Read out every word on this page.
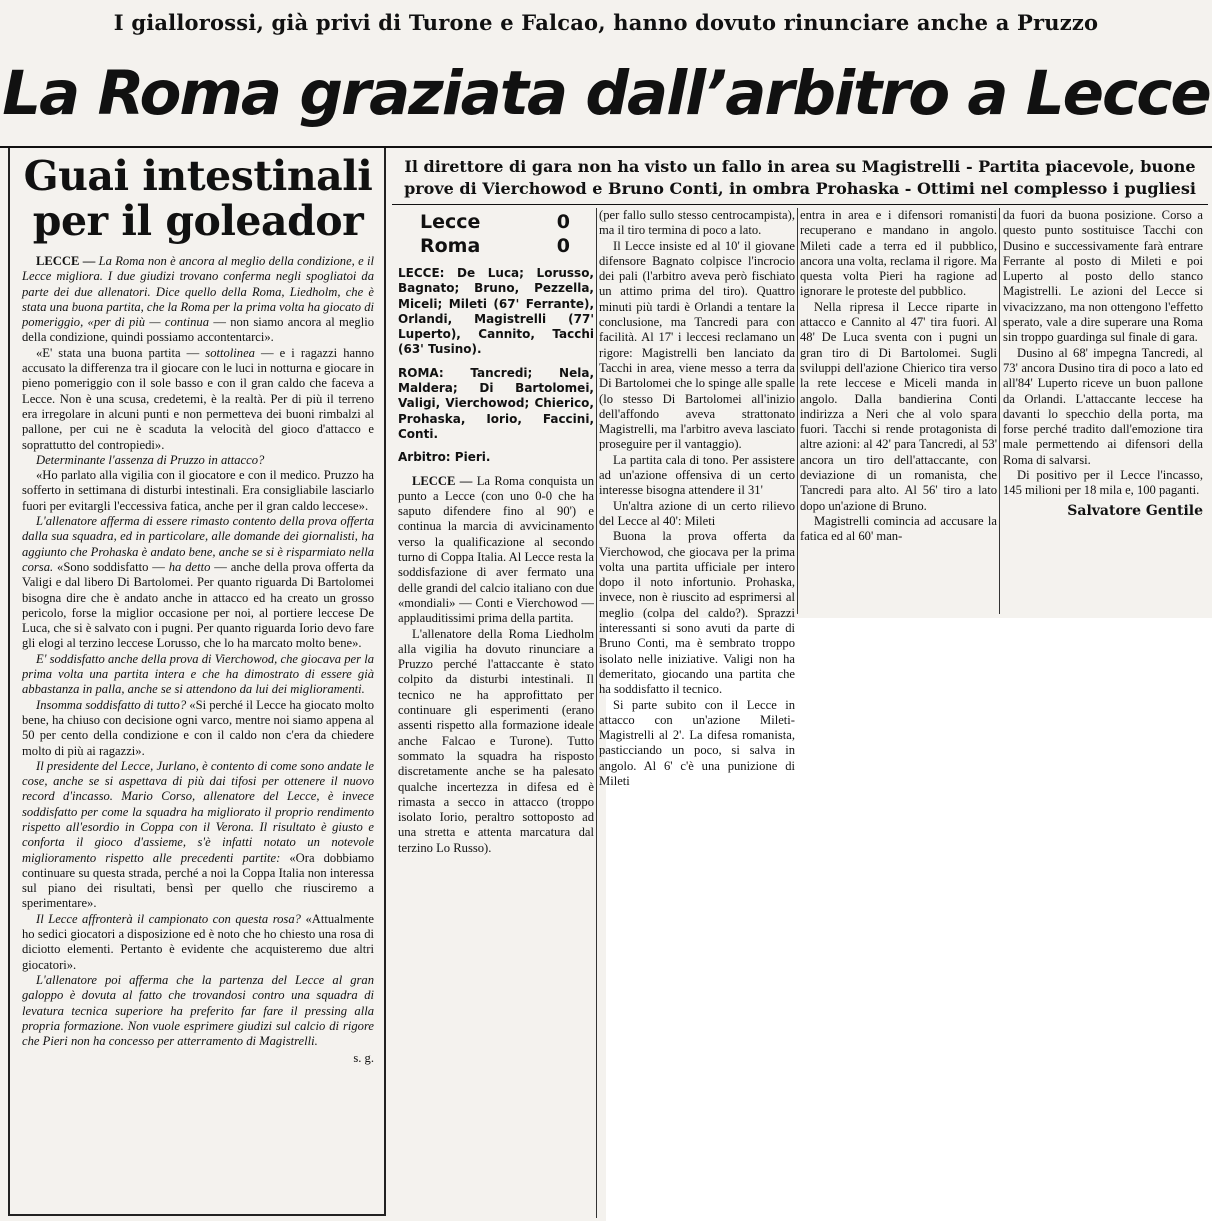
I giallorossi, già privi di Turone e Falcao, hanno dovuto rinunciare anche a Pruzzo
La Roma graziata dall’arbitro a Lecce
Guai intestinali per il goleador

LECCE — La Roma non è ancora al meglio della condizione, e il Lecce migliora. I due giudizi trovano conferma negli spogliatoi da parte dei due allenatori. Dice quello della Roma, Liedholm, che è stata una buona partita, che la Roma per la prima volta ha giocato di pomeriggio, «per di più — continua — non siamo ancora al meglio della condizione, quindi possiamo accontentarci».

«E' stata una buona partita — sottolinea — e i ragazzi hanno accusato la differenza tra il giocare con le luci in notturna e giocare in pieno pomeriggio con il sole basso e con il gran caldo che faceva a Lecce. Non è una scusa, credetemi, è la realtà. Per di più il terreno era irregolare in alcuni punti e non permetteva dei buoni rimbalzi al pallone, per cui ne è scaduta la velocità del gioco d'attacco e soprattutto del contropiedi».

Determinante l'assenza di Pruzzo in attacco?

«Ho parlato alla vigilia con il giocatore e con il medico. Pruzzo ha sofferto in settimana di disturbi intestinali. Era consigliabile lasciarlo fuori per evitargli l'eccessiva fatica, anche per il gran caldo leccese».

L'allenatore afferma di essere rimasto contento della prova offerta dalla sua squadra, ed in particolare, alle domande dei giornalisti, ha aggiunto che Prohaska è andato bene, anche se si è risparmiato nella corsa. «Sono soddisfatto — ha detto — anche della prova offerta da Valigi e dal libero Di Bartolomei. Per quanto riguarda Di Bartolomei bisogna dire che è andato anche in attacco ed ha creato un grosso pericolo, forse la miglior occasione per noi, al portiere leccese De Luca, che si è salvato con i pugni. Per quanto riguarda Iorio devo fare gli elogi al terzino leccese Lorusso, che lo ha marcato molto bene».

E' soddisfatto anche della prova di Vierchowod, che giocava per la prima volta una partita intera e che ha dimostrato di essere già abbastanza in palla, anche se si attendono da lui dei miglioramenti.

Insomma soddisfatto di tutto? «Si perché il Lecce ha giocato molto bene, ha chiuso con decisione ogni varco, mentre noi siamo appena al 50 per cento della condizione e con il caldo non c'era da chiedere molto di più ai ragazzi».

Il presidente del Lecce, Jurlano, è contento di come sono andate le cose, anche se si aspettava di più dai tifosi per ottenere il nuovo record d'incasso. Mario Corso, allenatore del Lecce, è invece soddisfatto per come la squadra ha migliorato il proprio rendimento rispetto all'esordio in Coppa con il Verona. Il risultato è giusto e conforta il gioco d'assieme, s'è infatti notato un notevole miglioramento rispetto alle precedenti partite: «Ora dobbiamo continuare su questa strada, perché a noi la Coppa Italia non interessa sul piano dei risultati, bensì per quello che riusciremo a sperimentare».

Il Lecce affronterà il campionato con questa rosa? «Attualmente ho sedici giocatori a disposizione ed è noto che ho chiesto una rosa di diciotto elementi. Pertanto è evidente che acquisteremo due altri giocatori».

L'allenatore poi afferma che la partenza del Lecce al gran galoppo è dovuta al fatto che trovandosi contro una squadra di levatura tecnica superiore ha preferito far fare il pressing alla propria formazione. Non vuole esprimere giudizi sul calcio di rigore che Pieri non ha concesso per atterramento di Magistrelli.

s. g.
Il direttore di gara non ha visto un fallo in area su Magistrelli - Partita piacevole, buone prove di Vierchowod e Bruno Conti, in ombra Prohaska - Ottimi nel complesso i pugliesi
Lecce	0
Roma	0

LECCE: De Luca; Lorusso, Bagnato; Bruno, Pezzella, Miceli; Mileti (67' Ferrante), Orlandi, Magistrelli (77' Luperto), Cannito, Tacchi (63' Tusino).

ROMA: Tancredi; Nela, Maldera; Di Bartolomei, Valigi, Vierchowod; Chierico, Prohaska, Iorio, Faccini, Conti.

Arbitro: Pieri.

LECCE — La Roma conquista un punto a Lecce (con uno 0-0 che ha saputo difendere fino al 90') e continua la marcia di avvicinamento verso la qualificazione al secondo turno di Coppa Italia. Al Lecce resta la soddisfazione di aver fermato una delle grandi del calcio italiano con due «mondiali» — Conti e Vierchowod — applauditissimi prima della partita.

L'allenatore della Roma Liedholm alla vigilia ha dovuto rinunciare a Pruzzo perché l'attaccante è stato colpito da disturbi intestinali. Il tecnico ne ha approfittato per continuare gli esperimenti (erano assenti rispetto alla formazione ideale anche Falcao e Turone). Tutto sommato la squadra ha risposto discretamente anche se ha palesato qualche incertezza in difesa ed è rimasta a secco in attacco (troppo isolato Iorio, peraltro sottoposto ad una stretta e attenta marcatura dal terzino Lo Russo).

(per fallo sullo stesso centrocampista), ma il tiro termina di poco a lato.

Il Lecce insiste ed al 10' il giovane difensore Bagnato colpisce l'incrocio dei pali (l'arbitro aveva però fischiato un attimo prima del tiro). Quattro minuti più tardi è Orlandi a tentare la conclusione, ma Tancredi para con facilità. Al 17' i leccesi reclamano un rigore: Magistrelli ben lanciato da Tacchi in area, viene messo a terra da Di Bartolomei che lo spinge alle spalle (lo stesso Di Bartolomei all'inizio dell'affondo aveva strattonato Magistrelli, ma l'arbitro aveva lasciato proseguire per il vantaggio).

La partita cala di tono. Per assistere ad un'azione offensiva di un certo interesse bisogna attendere il 31'

Un'altra azione di un certo rilievo del Lecce al 40': Mileti

Buona la prova offerta da Vierchowod, che giocava per la prima volta una partita ufficiale per intero dopo il noto infortunio. Prohaska, invece, non è riuscito ad esprimersi al meglio (colpa del caldo?). Sprazzi interessanti si sono avuti da parte di Bruno Conti, ma è sembrato troppo isolato nelle iniziative. Valigi non ha demeritato, giocando una partita che ha soddisfatto il tecnico.

Si parte subito con il Lecce in attacco con un'azione Mileti-Magistrelli al 2'. La difesa romanista, pasticciando un poco, si salva in angolo. Al 6' c'è una punizione di Mileti

entra in area e i difensori romanisti recuperano e mandano in angolo. Mileti cade a terra ed il pubblico, ancora una volta, reclama il rigore. Ma questa volta Pieri ha ragione ad ignorare le proteste del pubblico.

Nella ripresa il Lecce riparte in attacco e Cannito al 47' tira fuori. Al 48' De Luca sventa con i pugni un gran tiro di Di Bartolomei. Sugli sviluppi dell'azione Chierico tira verso la rete leccese e Miceli manda in angolo. Dalla bandierina Conti indirizza a Neri che al volo spara fuori. Tacchi si rende protagonista di altre azioni: al 42' para Tancredi, al 53' ancora un tiro dell'attaccante, con deviazione di un romanista, che Tancredi para alto. Al 56' tiro a lato dopo un'azione di Bruno.

Magistrelli comincia ad accusare la fatica ed al 60' man-

da fuori da buona posizione. Corso a questo punto sostituisce Tacchi con Dusino e successivamente farà entrare Ferrante al posto di Mileti e poi Luperto al posto dello stanco Magistrelli. Le azioni del Lecce si vivacizzano, ma non ottengono l'effetto sperato, vale a dire superare una Roma sin troppo guardinga sul finale di gara.

Dusino al 68' impegna Tancredi, al 73' ancora Dusino tira di poco a lato ed all'84' Luperto riceve un buon pallone da Orlandi. L'attaccante leccese ha davanti lo specchio della porta, ma forse perché tradito dall'emozione tira male permettendo ai difensori della Roma di salvarsi.

Di positivo per il Lecce l'incasso, 145 milioni per 18 mila e, 100 paganti.

Salvatore Gentile
